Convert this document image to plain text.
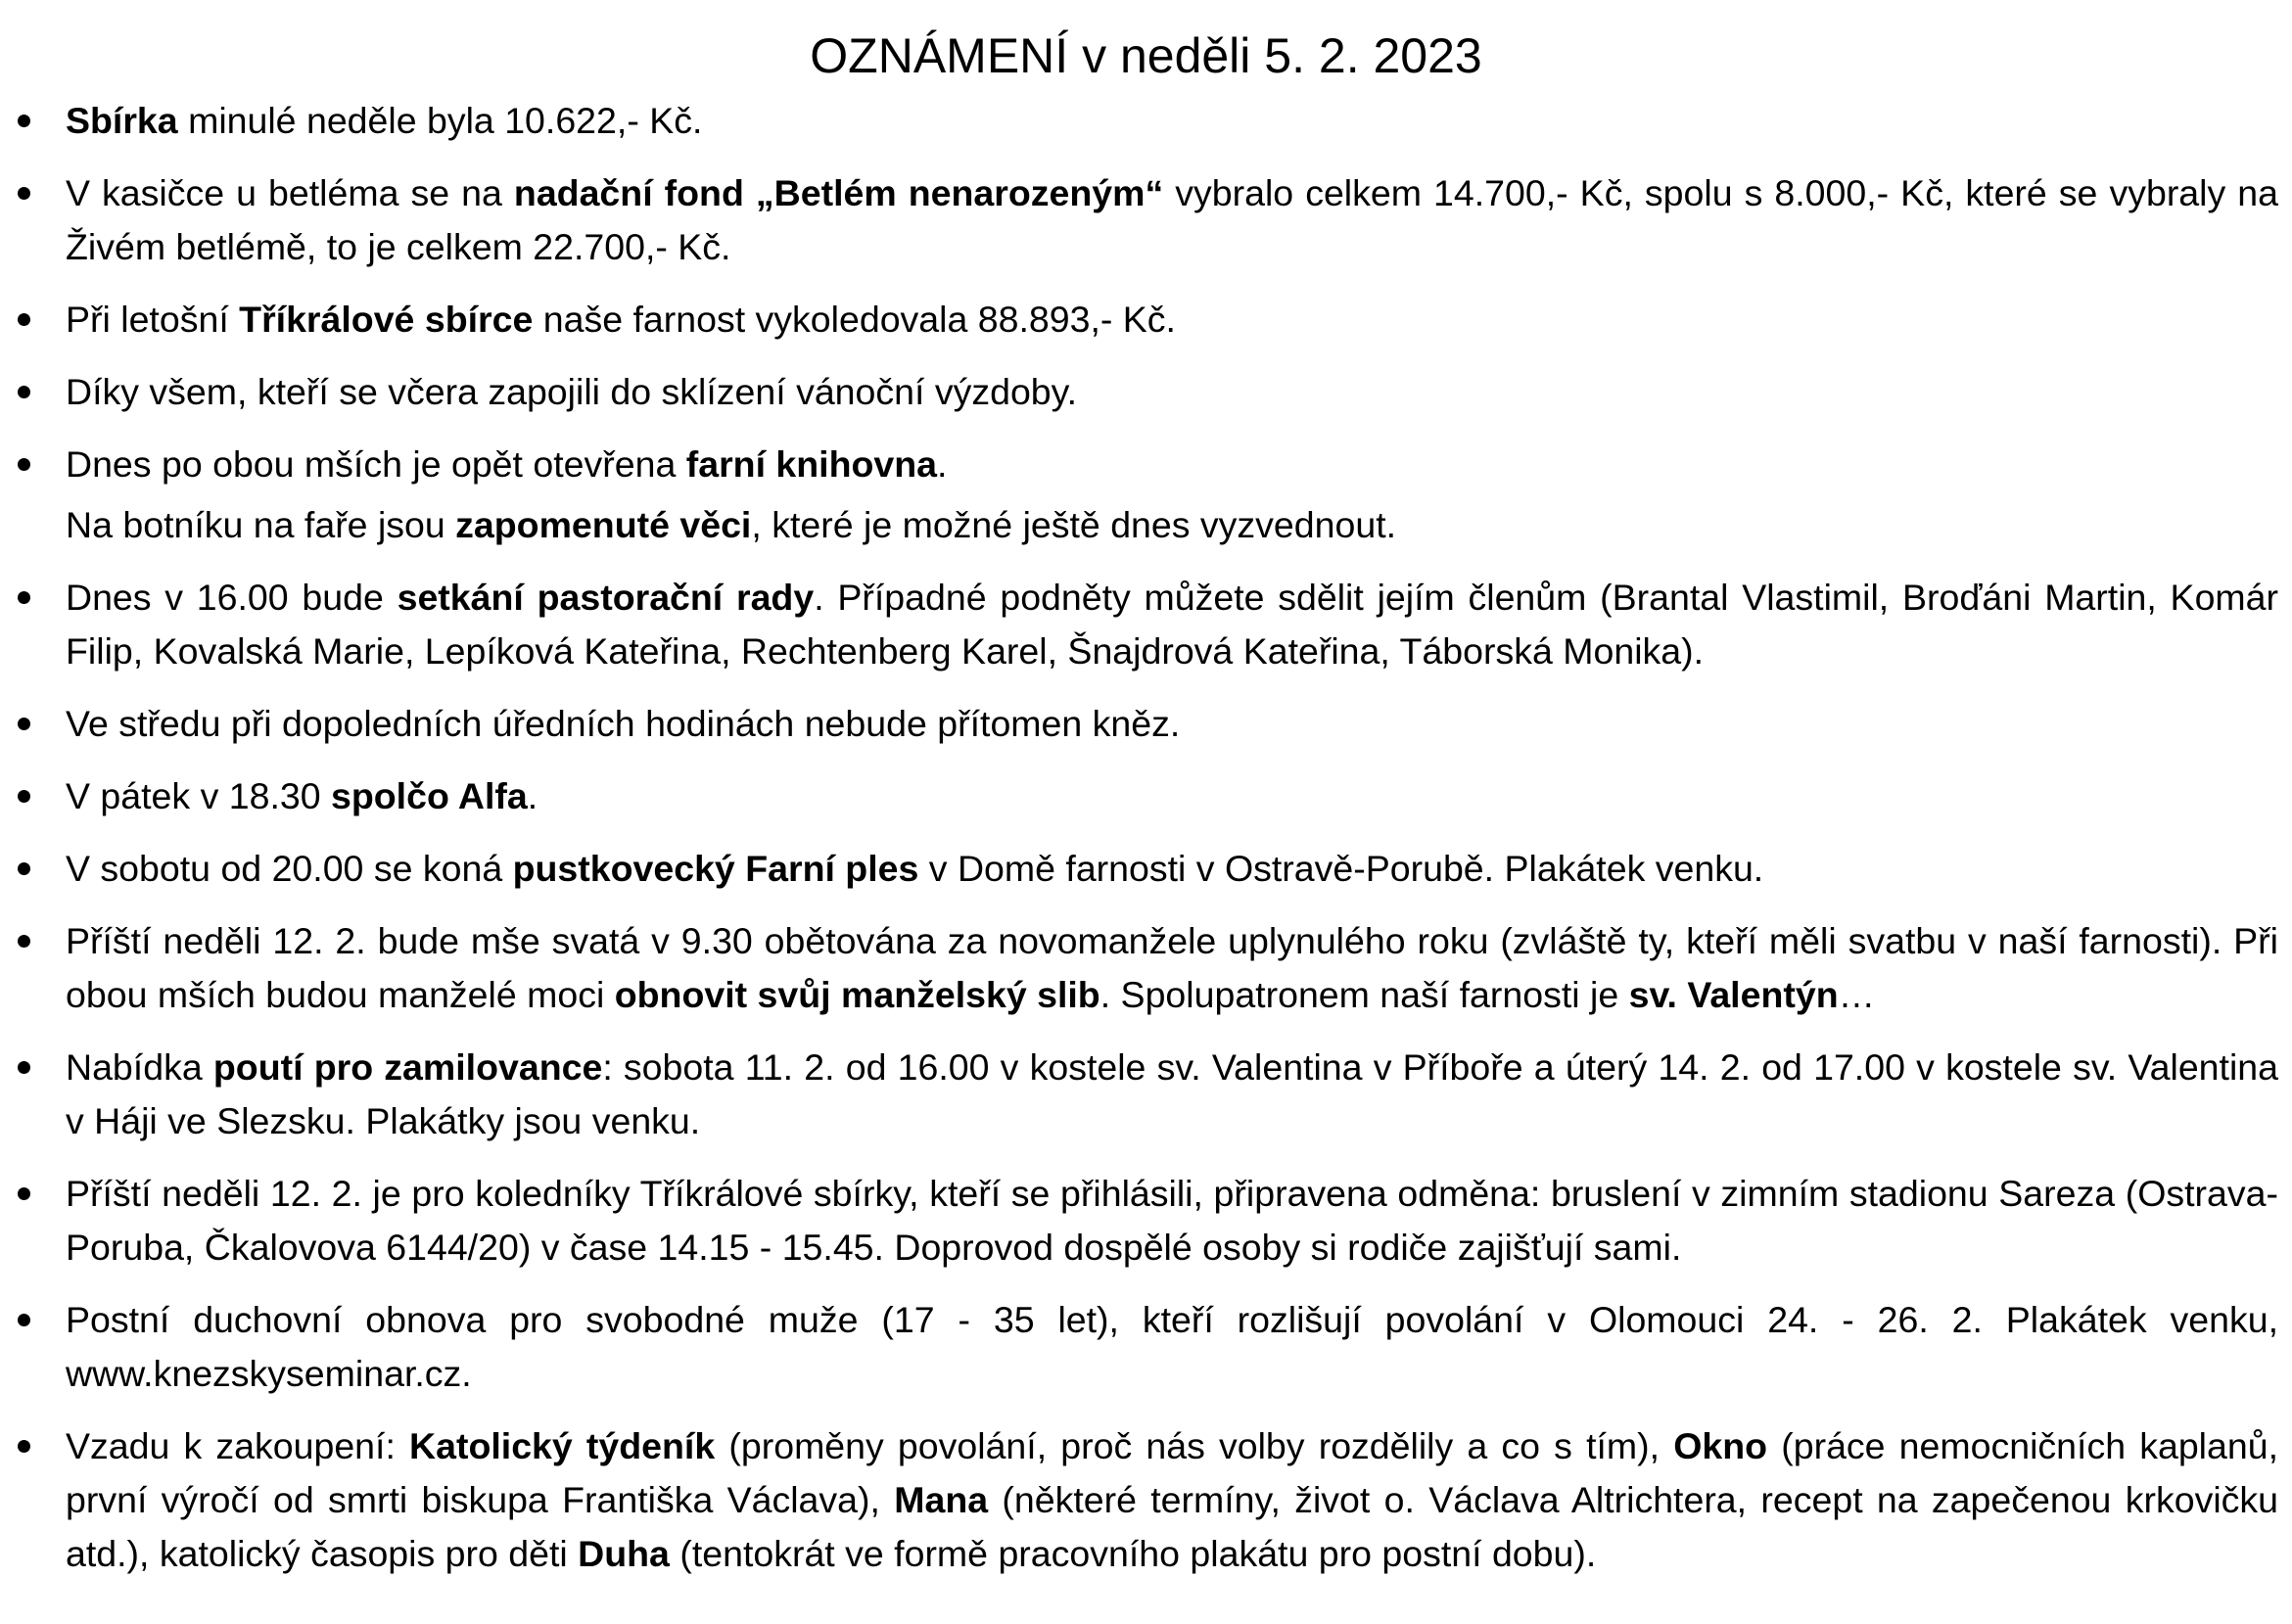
OZNÁMENÍ v neděli 5. 2. 2023
Sbírka minulé neděle byla 10.622,- Kč.
V kasičce u betléma se na nadační fond „Betlém nenarozeným“ vybralo celkem 14.700,- Kč, spolu s 8.000,- Kč, které se vybraly na Živém betlémě, to je celkem 22.700,- Kč.
Při letošní Tříkrálové sbírce naše farnost vykoledovala 88.893,- Kč.
Díky všem, kteří se včera zapojili do sklízení vánoční výzdoby.
Dnes po obou mších je opět otevřena farní knihovna.
Na botníku na faře jsou zapomenuté věci, které je možné ještě dnes vyzvednout.
Dnes v 16.00 bude setkání pastorační rady. Případné podněty můžete sdělit jejím členům (Brantal Vlastimil, Broďáni Martin, Komár Filip, Kovalská Marie, Lepíková Kateřina, Rechtenberg Karel, Šnajdrová Kateřina, Táborská Monika).
Ve středu při dopoledních úředních hodinách nebude přítomen kněz.
V pátek v 18.30 spolčo Alfa.
V sobotu od 20.00 se koná pustkovecký Farní ples v Domě farnosti v Ostravě-Porubě. Plakátek venku.
Příští neděli 12. 2. bude mše svatá v 9.30 obětována za novomanžele uplynulého roku (zvláště ty, kteří měli svatbu v naší farnosti). Při obou mších budou manželé moci obnovit svůj manželský slib. Spolupatronem naší farnosti je sv. Valentýn…
Nabídka poutí pro zamilovance: sobota 11. 2. od 16.00 v kostele sv. Valentina v Příboře a úterý 14. 2. od 17.00 v kostele sv. Valentina v Háji ve Slezsku. Plakátky jsou venku.
Příští neděli 12. 2. je pro koledníky Tříkrálové sbírky, kteří se přihlásili, připravena odměna: bruslení v zimním stadionu Sareza (Ostrava-Poruba, Čkalovova 6144/20) v čase 14.15 - 15.45. Doprovod dospělé osoby si rodiče zajišťují sami.
Postní duchovní obnova pro svobodné muže (17 - 35 let), kteří rozlišují povolání v Olomouci 24. - 26. 2. Plakátek venku, www.knezskyseminar.cz.
Vzadu k zakoupení: Katolický týdeník (proměny povolání, proč nás volby rozdělily a co s tím), Okno (práce nemocničních kaplanů, první výročí od smrti biskupa Františka Václava), Mana (některé termíny, život o. Václava Altrichtera, recept na zapečenou krkovičku atd.), katolický časopis pro děti Duha (tentokrát ve formě pracovního plakátu pro postní dobu).
